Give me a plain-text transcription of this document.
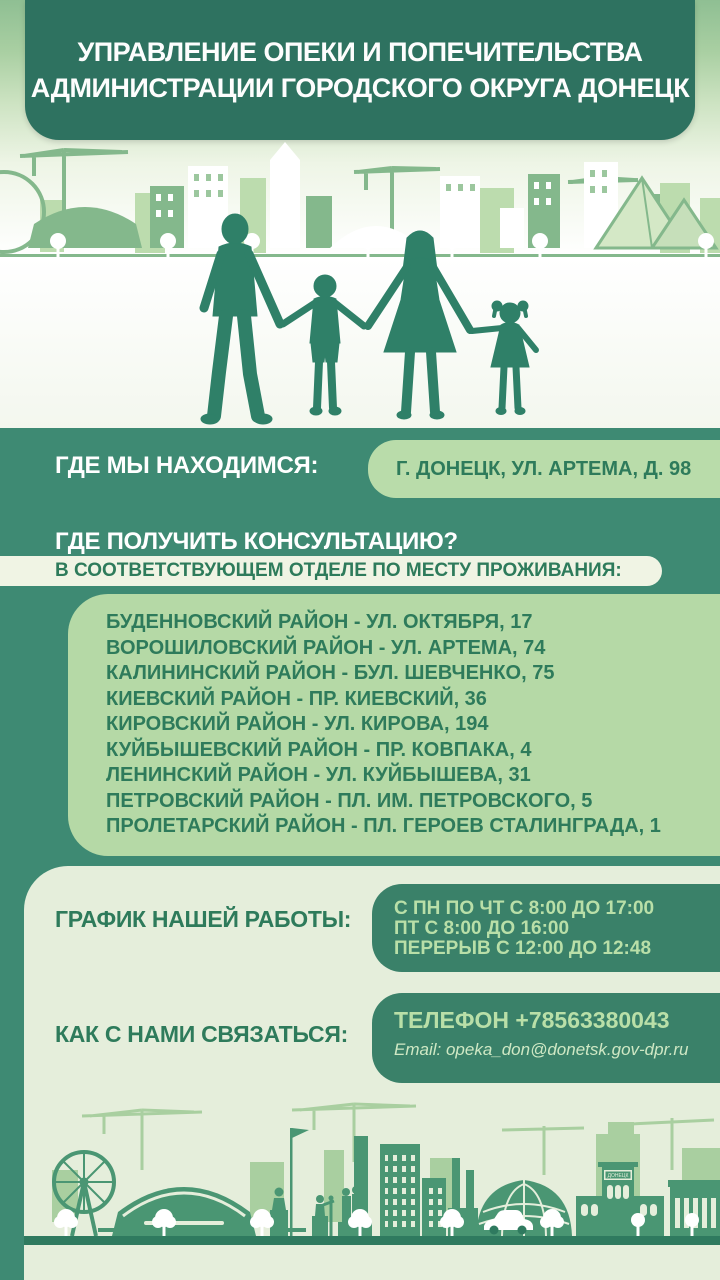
УПРАВЛЕНИЕ ОПЕКИ И ПОПЕЧИТЕЛЬСТВА
АДМИНИСТРАЦИИ ГОРОДСКОГО ОКРУГА ДОНЕЦК
ГДЕ МЫ НАХОДИМСЯ:	Г. ДОНЕЦК, УЛ. АРТЕМА, Д. 98
ГДЕ ПОЛУЧИТЬ КОНСУЛЬТАЦИЮ?
В СООТВЕТСТВУЮЩЕМ ОТДЕЛЕ ПО МЕСТУ ПРОЖИВАНИЯ:
БУДЕННОВСКИЙ РАЙОН - УЛ. ОКТЯБРЯ, 17
ВОРОШИЛОВСКИЙ РАЙОН - УЛ. АРТЕМА, 74
КАЛИНИНСКИЙ РАЙОН - БУЛ. ШЕВЧЕНКО, 75
КИЕВСКИЙ РАЙОН - ПР. КИЕВСКИЙ, 36
КИРОВСКИЙ РАЙОН - УЛ. КИРОВА, 194
КУЙБЫШЕВСКИЙ РАЙОН - ПР. КОВПАКА, 4
ЛЕНИНСКИЙ РАЙОН - УЛ. КУЙБЫШЕВА, 31
ПЕТРОВСКИЙ РАЙОН - ПЛ. ИМ. ПЕТРОВСКОГО, 5
ПРОЛЕТАРСКИЙ РАЙОН - ПЛ. ГЕРОЕВ СТАЛИНГРАДА, 1
ГРАФИК НАШЕЙ РАБОТЫ: С ПН ПО ЧТ С 8:00 ДО 17:00
ПТ С 8:00 ДО 16:00
ПЕРЕРЫВ С 12:00 ДО 12:48
КАК С НАМИ СВЯЗАТЬСЯ:
ТЕЛЕФОН +78563380043
Email: opeka_don@donetsk.gov-dpr.ru
ДОНЕЦК
